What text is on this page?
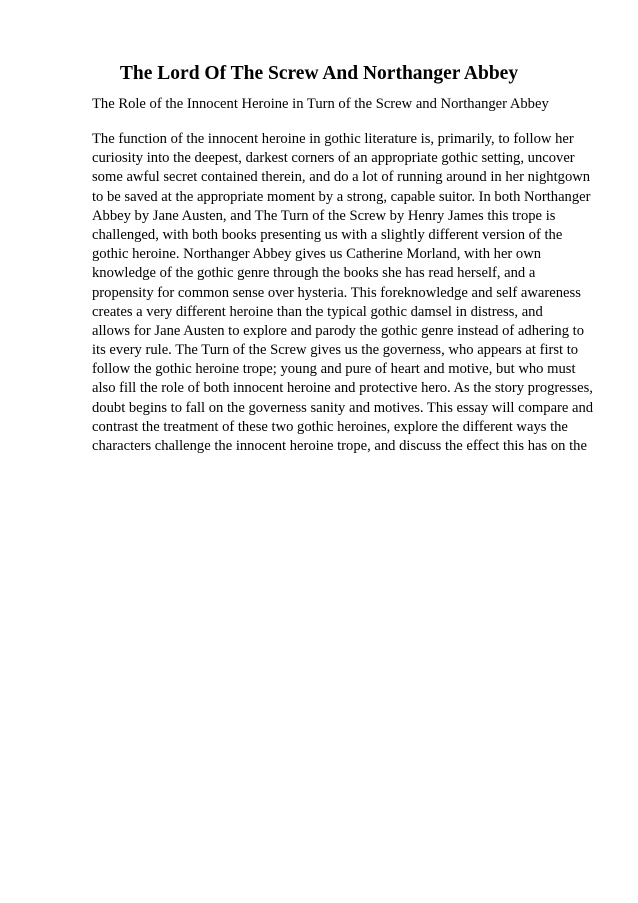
The Lord Of The Screw And Northanger Abbey

The Role of the Innocent Heroine in Turn of the Screw and Northanger Abbey

The function of the innocent heroine in gothic literature is, primarily, to follow her
curiosity into the deepest, darkest corners of an appropriate gothic setting, uncover
some awful secret contained therein, and do a lot of running around in her nightgown
to be saved at the appropriate moment by a strong, capable suitor. In both Northanger
Abbey by Jane Austen, and The Turn of the Screw by Henry James this trope is
challenged, with both books presenting us with a slightly different version of the
gothic heroine. Northanger Abbey gives us Catherine Morland, with her own
knowledge of the gothic genre through the books she has read herself, and a
propensity for common sense over hysteria. This foreknowledge and self awareness
creates a very different heroine than the typical gothic damsel in distress, and
allows for Jane Austen to explore and parody the gothic genre instead of adhering to
its every rule. The Turn of the Screw gives us the governess, who appears at first to
follow the gothic heroine trope; young and pure of heart and motive, but who must
also fill the role of both innocent heroine and protective hero. As the story progresses,
doubt begins to fall on the governess sanity and motives. This essay will compare and
contrast the treatment of these two gothic heroines, explore the different ways the
characters challenge the innocent heroine trope, and discuss the effect this has on the
